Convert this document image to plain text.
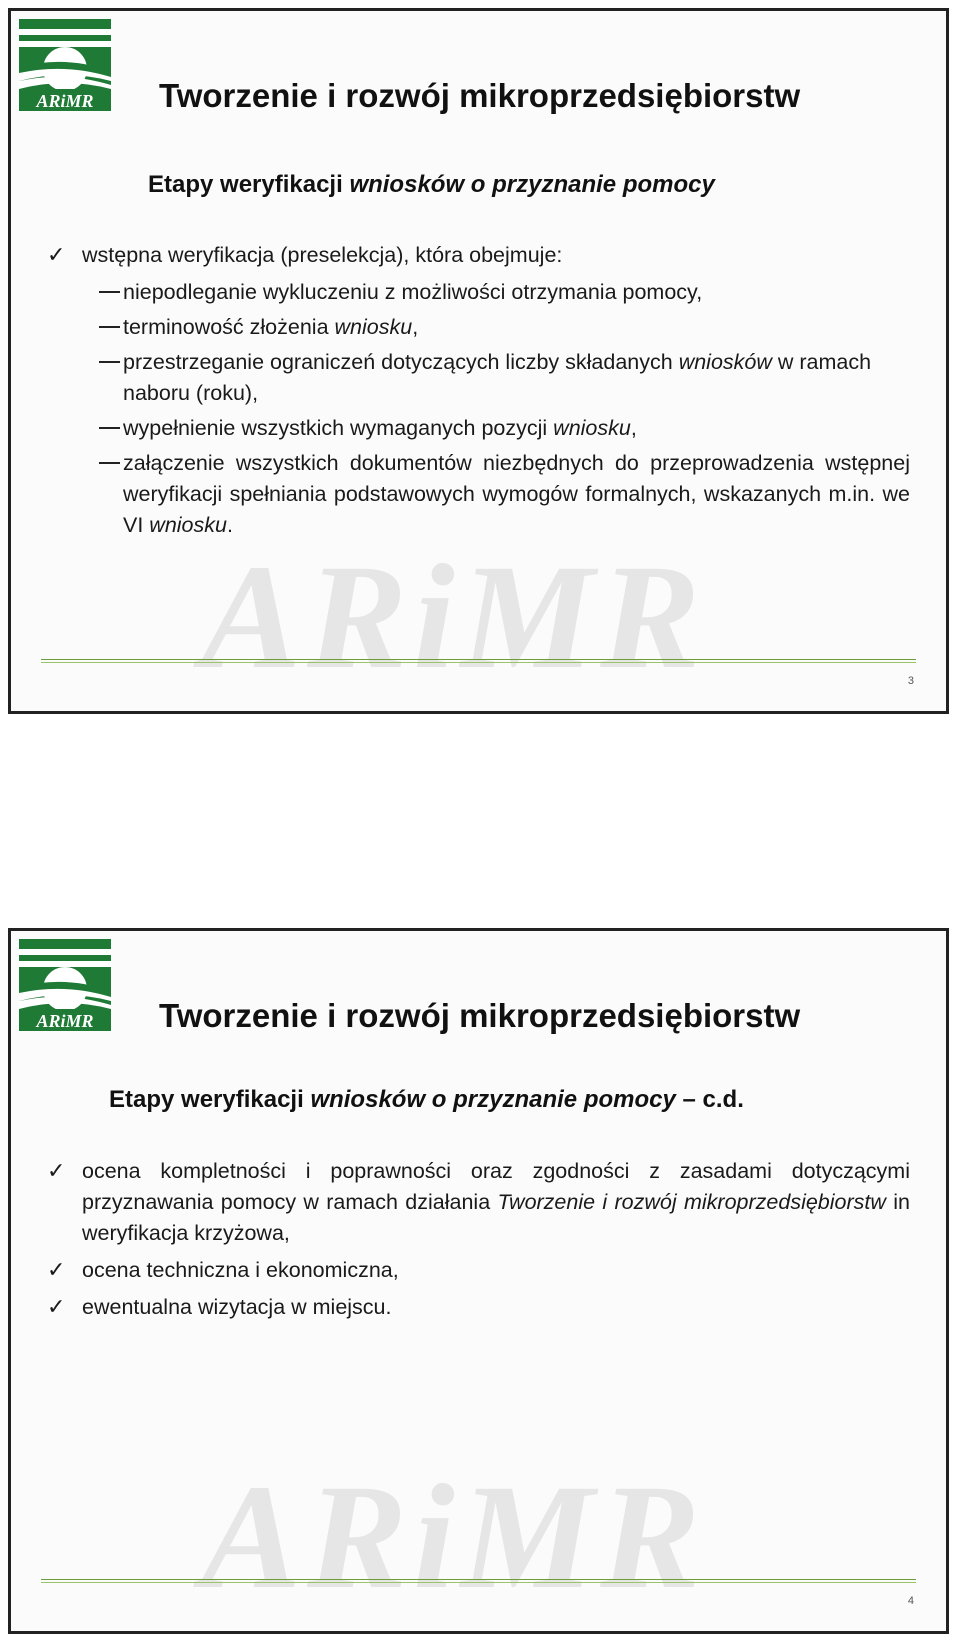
ARiMR
ARiMR Tworzenie i rozwój mikroprzedsiębiorstw

Etapy weryfikacji wniosków o przyznanie pomocy

✓ wstępna weryfikacja (preselekcja), która obejmuje:
niepodleganie wykluczeniu z możliwości otrzymania pomocy,
terminowość złożenia wniosku,
przestrzeganie ograniczeń dotyczących liczby składanych wniosków w ramach naboru (roku),
wypełnienie wszystkich wymaganych pozycji wniosku,
załączenie wszystkich dokumentów niezbędnych do przeprowadzenia wstępnej weryfikacji spełniania podstawowych wymogów formalnych, wskazanych m.in. we VI wniosku.
3
ARiMR
ARiMR Tworzenie i rozwój mikroprzedsiębiorstw

Etapy weryfikacji wniosków o przyznanie pomocy – c.d.

✓ ocena kompletności i poprawności oraz zgodności z zasadami dotyczącymi przyznawania pomocy w ramach działania Tworzenie i rozwój mikroprzedsiębiorstw in weryfikacja krzyżowa,
✓ ocena techniczna i ekonomiczna,
✓ ewentualna wizytacja w miejscu.
4
